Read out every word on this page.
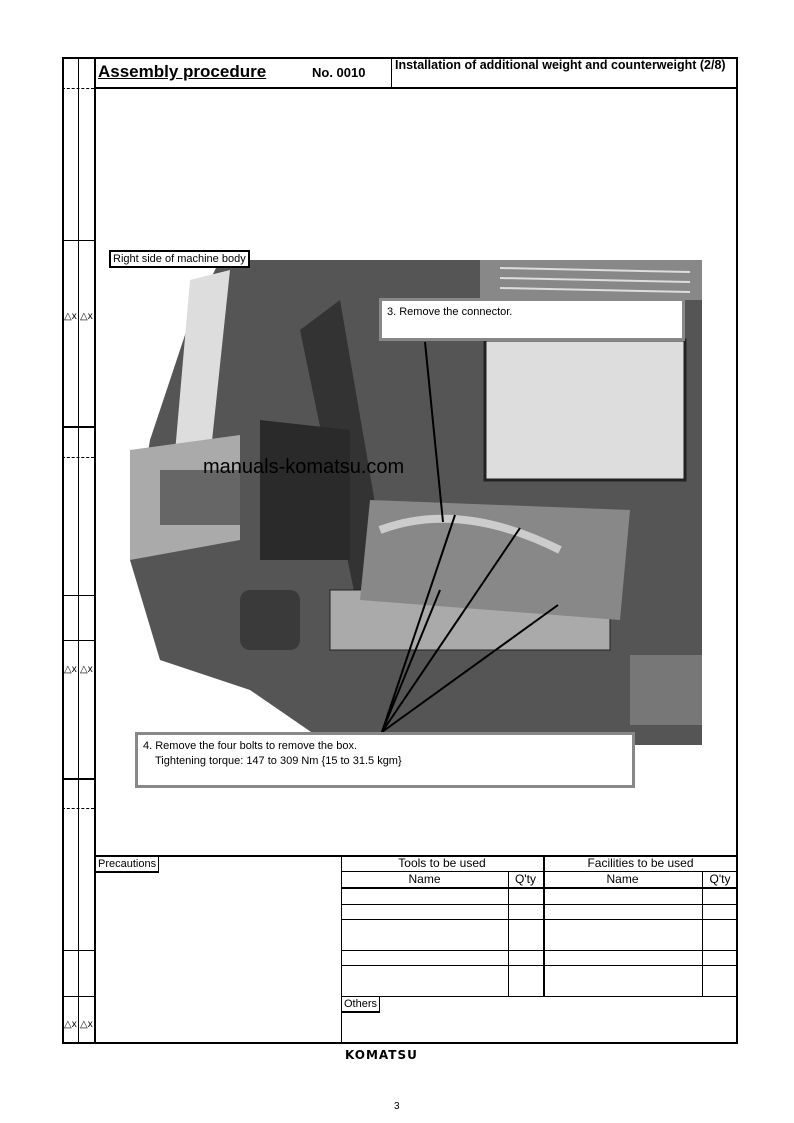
△x △x
△x △x
△x △x
Assembly procedure	No. 0010 Installation of additional weight and counterweight (2/8)
manuals-komatsu.com
Right side of machine body
3. Remove the connector.
4. Remove the four bolts to remove the box.
Tightening torque: 147 to 309 Nm {15 to 31.5 kgm}
Precautions	Tools to be used	Facilities to be used
Name	Q'ty	Name	Q'ty
Others
KOMATSU
3
